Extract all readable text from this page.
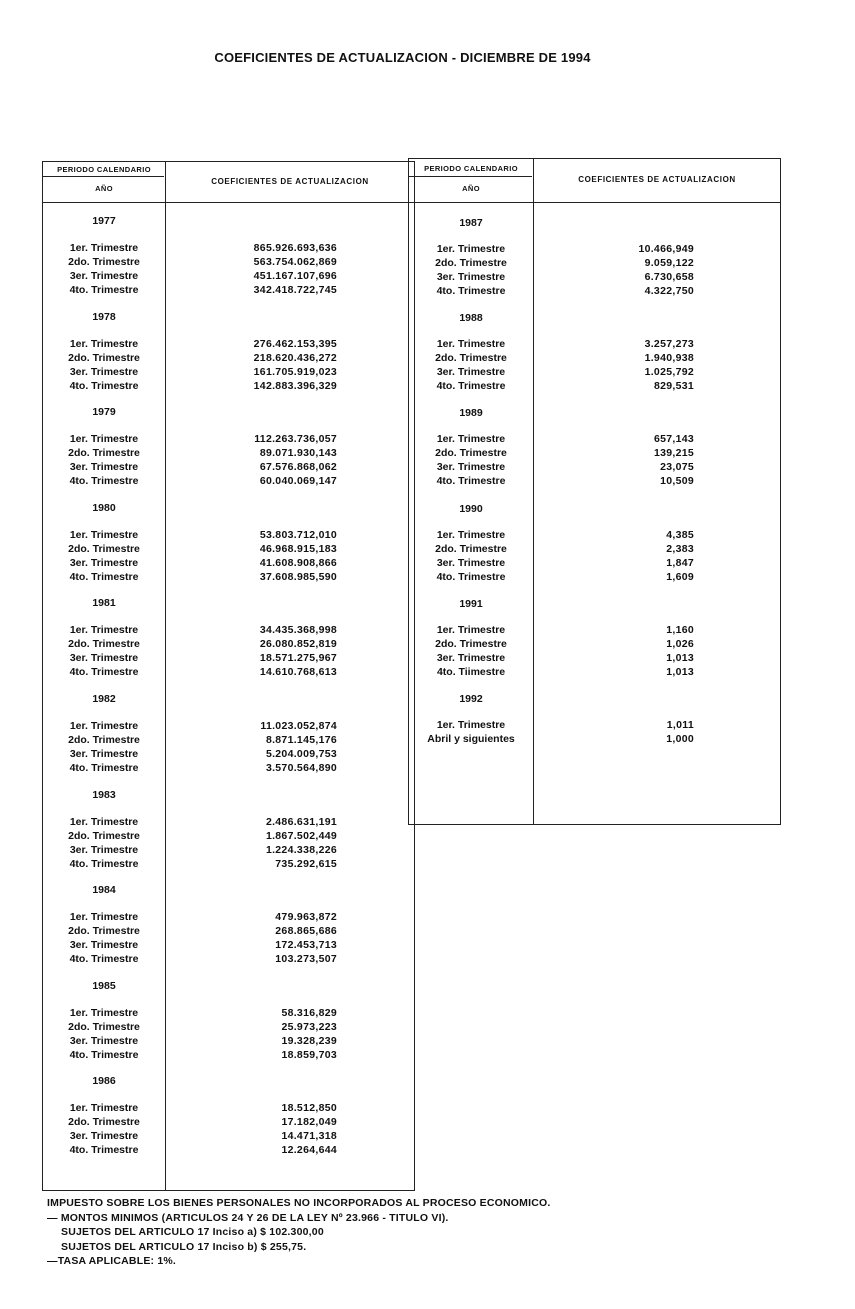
COEFICIENTES DE ACTUALIZACION - DICIEMBRE DE 1994
PERIODO CALENDARIO
AÑO
COEFICIENTES DE ACTUALIZACION
1977
1er. Trimestre	865.926.693,636
2do. Trimestre	563.754.062,869
3er. Trimestre	451.167.107,696
4to. Trimestre	342.418.722,745
1978
1er. Trimestre	276.462.153,395
2do. Trimestre	218.620.436,272
3er. Trimestre	161.705.919,023
4to. Trimestre	142.883.396,329
1979
1er. Trimestre	112.263.736,057
2do. Trimestre	89.071.930,143
3er. Trimestre	67.576.868,062
4to. Trimestre	60.040.069,147
1980
1er. Trimestre	53.803.712,010
2do. Trimestre	46.968.915,183
3er. Trimestre	41.608.908,866
4to. Trimestre	37.608.985,590
1981
1er. Trimestre	34.435.368,998
2do. Trimestre	26.080.852,819
3er. Trimestre	18.571.275,967
4to. Trimestre	14.610.768,613
1982
1er. Trimestre	11.023.052,874
2do. Trimestre	8.871.145,176
3er. Trimestre	5.204.009,753
4to. Trimestre	3.570.564,890
1983
1er. Trimestre	2.486.631,191
2do. Trimestre	1.867.502,449
3er. Trimestre	1.224.338,226
4to. Trimestre	735.292,615
1984
1er. Trimestre	479.963,872
2do. Trimestre	268.865,686
3er. Trimestre	172.453,713
4to. Trimestre	103.273,507
1985
1er. Trimestre	58.316,829
2do. Trimestre	25.973,223
3er. Trimestre	19.328,239
4to. Trimestre	18.859,703
1986
1er. Trimestre	18.512,850
2do. Trimestre	17.182,049
3er. Trimestre	14.471,318
4to. Trimestre	12.264,644
PERIODO CALENDARIO
AÑO
COEFICIENTES DE ACTUALIZACION
1987
1er. Trimestre	10.466,949
2do. Trimestre	9.059,122
3er. Trimestre	6.730,658
4to. Trimestre	4.322,750
1988
1er. Trimestre	3.257,273
2do. Trimestre	1.940,938
3er. Trimestre	1.025,792
4to. Trimestre	829,531
1989
1er. Trimestre	657,143
2do. Trimestre	139,215
3er. Trimestre	23,075
4to. Trimestre	10,509
1990
1er. Trimestre	4,385
2do. Trimestre	2,383
3er. Trimestre	1,847
4to. Trimestre	1,609
1991
1er. Trimestre	1,160
2do. Trimestre	1,026
3er. Trimestre	1,013
4to. Tiimestre	1,013
1992
1er. Trimestre	1,011
Abril y siguientes	1,000
IMPUESTO SOBRE LOS BIENES PERSONALES NO INCORPORADOS AL PROCESO ECONOMICO.
— MONTOS MINIMOS (ARTICULOS 24 Y 26 DE LA LEY Nº 23.966 - TITULO VI).
SUJETOS DEL ARTICULO 17 Inciso a) $ 102.300,00
SUJETOS DEL ARTICULO 17 Inciso b) $ 255,75.
—TASA APLICABLE: 1%.
